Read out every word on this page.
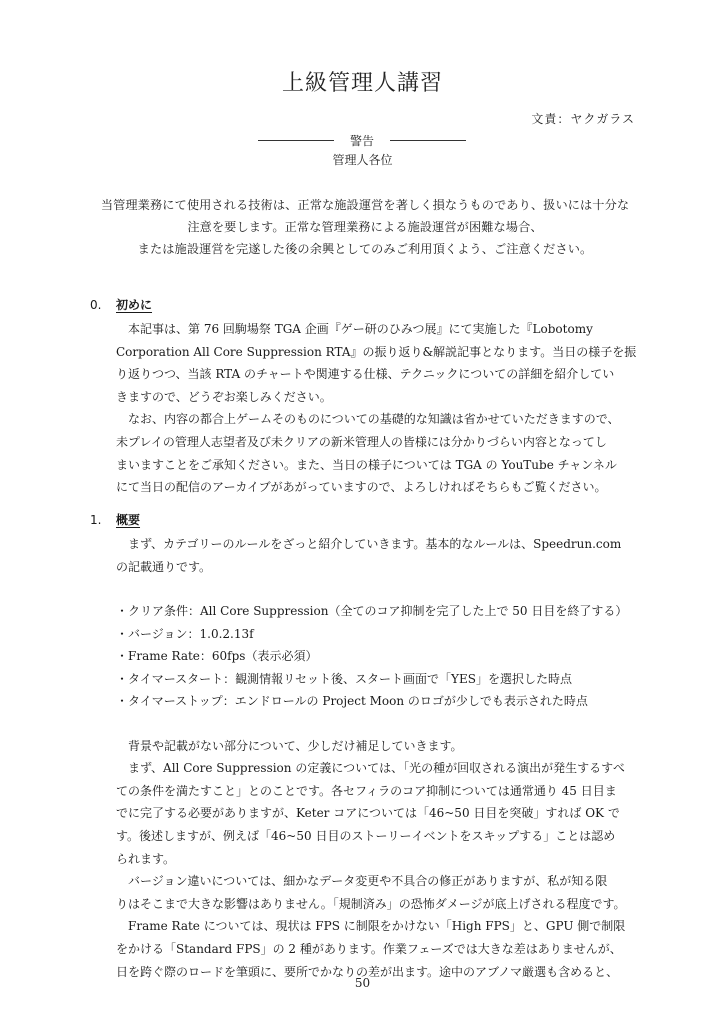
上級管理人講習
文責：ヤクガラス
警告
管理人各位
当管理業務にて使用される技術は、正常な施設運営を著しく損なうものであり、扱いには十分な
注意を要します。正常な管理業務による施設運営が困難な場合、
または施設運営を完遂した後の余興としてのみご利用頂くよう、ご注意ください。
0.	初めに
本記事は、第 76 回駒場祭 TGA 企画『ゲー研のひみつ展』にて実施した『Lobotomy
Corporation All Core Suppression RTA』の振り返り&解説記事となります。当日の様子を振
り返りつつ、当該 RTA のチャートや関連する仕様、テクニックについての詳細を紹介してい
きますので、どうぞお楽しみください。
なお、内容の都合上ゲームそのものについての基礎的な知識は省かせていただきますので、
未プレイの管理人志望者及び未クリアの新米管理人の皆様には分かりづらい内容となってし
まいますことをご承知ください。また、当日の様子については TGA の YouTube チャンネル
にて当日の配信のアーカイブがあがっていますので、よろしければそちらもご覧ください。
1.	概要
まず、カテゴリーのルールをざっと紹介していきます。基本的なルールは、Speedrun.com
の記載通りです。
・クリア条件：All Core Suppression（全てのコア抑制を完了した上で 50 日目を終了する）
・バージョン：1.0.2.13f
・Frame Rate：60fps（表示必須）
・タイマースタート：観測情報リセット後、スタート画面で「YES」を選択した時点
・タイマーストップ：エンドロールの Project Moon のロゴが少しでも表示された時点
背景や記載がない部分について、少しだけ補足していきます。
まず、All Core Suppression の定義については、「光の種が回収される演出が発生するすべ
ての条件を満たすこと」とのことです。各セフィラのコア抑制については通常通り 45 日目ま
でに完了する必要がありますが、Keter コアについては「46~50 日目を突破」すれば OK で
す。後述しますが、例えば「46~50 日目のストーリーイベントをスキップする」ことは認め
られます。
バージョン違いについては、細かなデータ変更や不具合の修正がありますが、私が知る限
りはそこまで大きな影響はありません。「規制済み」の恐怖ダメージが底上げされる程度です。
Frame Rate については、現状は FPS に制限をかけない「High FPS」と、GPU 側で制限
をかける「Standard FPS」の 2 種があります。作業フェーズでは大きな差はありませんが、
日を跨ぐ際のロードを筆頭に、要所でかなりの差が出ます。途中のアブノマ厳選も含めると、
50
